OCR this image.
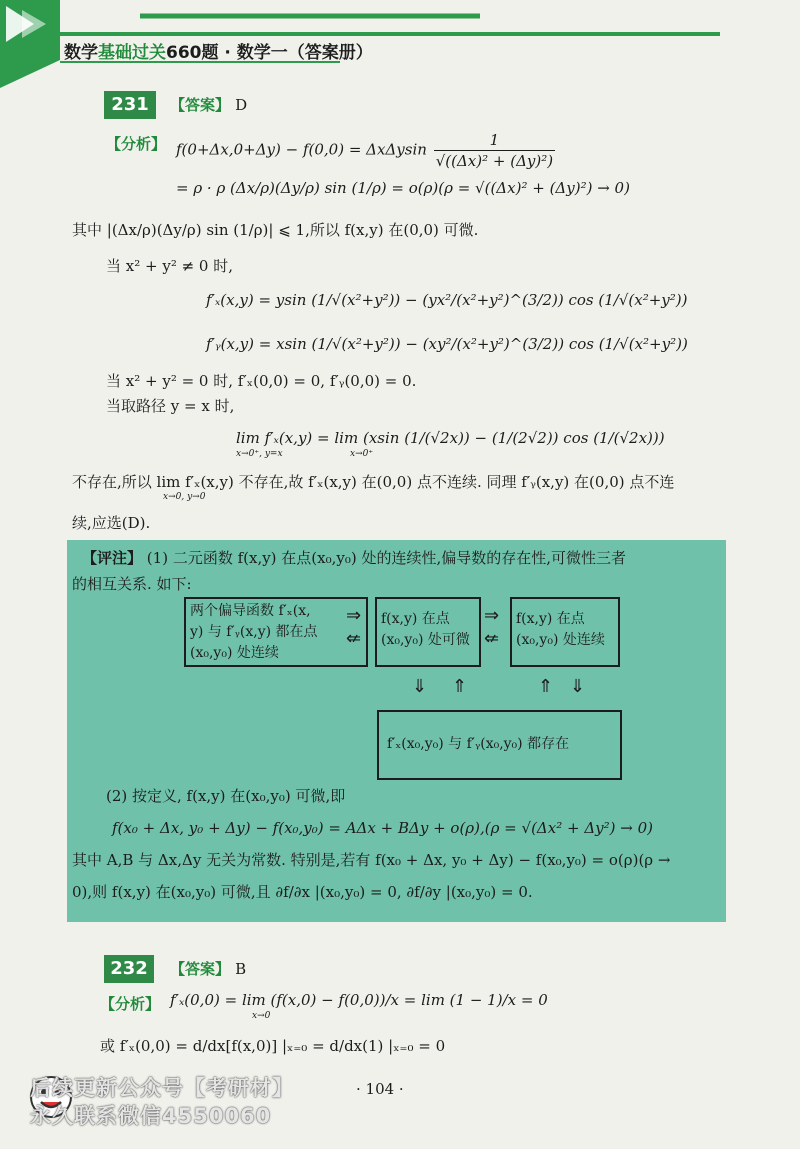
数学基础过关660题 · 数学一（答案册）
231	【答案】 D
【分析】 f(0+Δx,0+Δy) − f(0,0) = ΔxΔysin $\frac{1}{\text{√((Δx)² + (Δy)²)}}$
= ρ · ρ (Δx/ρ)(Δy/ρ) sin (1/ρ) = o(ρ)(ρ = √((Δx)² + (Δy)²) → 0)
其中 |(Δx/ρ)(Δy/ρ) sin (1/ρ)| ⩽ 1,所以 f(x,y) 在(0,0) 可微.
当 x² + y² ≠ 0 时,
f′ₓ(x,y) = ysin (1/√(x²+y²)) − (yx²/(x²+y²)^(3/2)) cos (1/√(x²+y²))
f′ᵧ(x,y) = xsin (1/√(x²+y²)) − (xy²/(x²+y²)^(3/2)) cos (1/√(x²+y²))
当 x² + y² = 0 时, f′ₓ(0,0) = 0, f′ᵧ(0,0) = 0.
当取路径 y = x 时,
lim f′ₓ(x,y) = lim (xsin (1/(√2x)) − (1/(2√2)) cos (1/(√2x)))
x→0⁺, y=x	x→0⁺
不存在,所以 lim f′ₓ(x,y) 不存在,故 f′ₓ(x,y) 在(0,0) 点不连续. 同理 f′ᵧ(x,y) 在(0,0) 点不连
x→0, y→0
续,应选(D).
【评注】 (1) 二元函数 f(x,y) 在点(x₀,y₀) 处的连续性,偏导数的存在性,可微性三者
的相互关系. 如下:
两个偏导函数 f′ₓ(x,
y) 与 f′ᵧ(x,y) 都在点
(x₀,y₀) 处连续
⇒
⇍
f(x,y) 在点
(x₀,y₀) 处可微
⇒
⇍
f(x,y) 在点
(x₀,y₀) 处连续
⇓ ⇑	⇑ ⇓
f′ₓ(x₀,y₀) 与 f′ᵧ(x₀,y₀) 都存在
(2) 按定义, f(x,y) 在(x₀,y₀) 可微,即
f(x₀ + Δx, y₀ + Δy) − f(x₀,y₀) = AΔx + BΔy + o(ρ),(ρ = √(Δx² + Δy²) → 0)
其中 A,B 与 Δx,Δy 无关为常数. 特别是,若有 f(x₀ + Δx, y₀ + Δy) − f(x₀,y₀) = o(ρ)(ρ →
0),则 f(x,y) 在(x₀,y₀) 可微,且 ∂f/∂x |(x₀,y₀) = 0, ∂f/∂y |(x₀,y₀) = 0.
232	【答案】 B
【分析】 f′ₓ(0,0) = lim (f(x,0) − f(0,0))/x = lim (1 − 1)/x = 0
x→0
或 f′ₓ(0,0) = d/dx[f(x,0)] |ₓ₌₀ = d/dx(1) |ₓ₌₀ = 0
· 104 ·
后续更新公众号【考研材】
永久联系微信4550060
